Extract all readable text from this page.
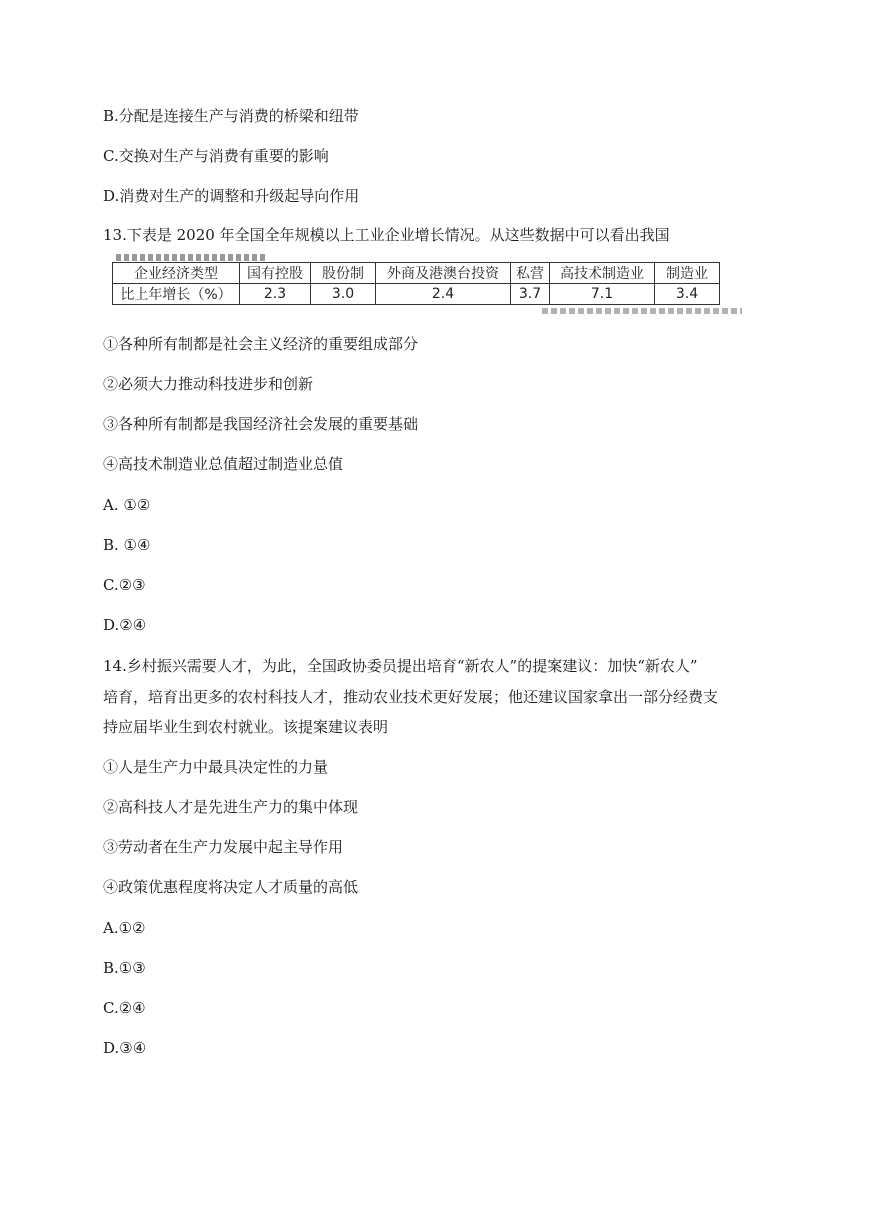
B.分配是连接生产与消费的桥梁和纽带
C.交换对生产与消费有重要的影响
D.消费对生产的调整和升级起导向作用
13.下表是 2020 年全国全年规模以上工业企业增长情况。从这些数据中可以看出我国
企业经济类型	国有控股	股份制	外商及港澳台投资	私营	高技术制造业	制造业
比上年增长（%）	2.3	3.0	2.4	3.7	7.1	3.4
①各种所有制都是社会主义经济的重要组成部分
②必须大力推动科技进步和创新
③各种所有制都是我国经济社会发展的重要基础
④高技术制造业总值超过制造业总值
A. ①②
B. ①④
C.②③
D.②④
14.乡村振兴需要人才，为此，全国政协委员提出培育“新农人”的提案建议：加快“新农人”
培育，培育出更多的农村科技人才，推动农业技术更好发展；他还建议国家拿出一部分经费支
持应届毕业生到农村就业。该提案建议表明
①人是生产力中最具决定性的力量
②高科技人才是先进生产力的集中体现
③劳动者在生产力发展中起主导作用
④政策优惠程度将决定人才质量的高低
A.①②
B.①③
C.②④
D.③④
